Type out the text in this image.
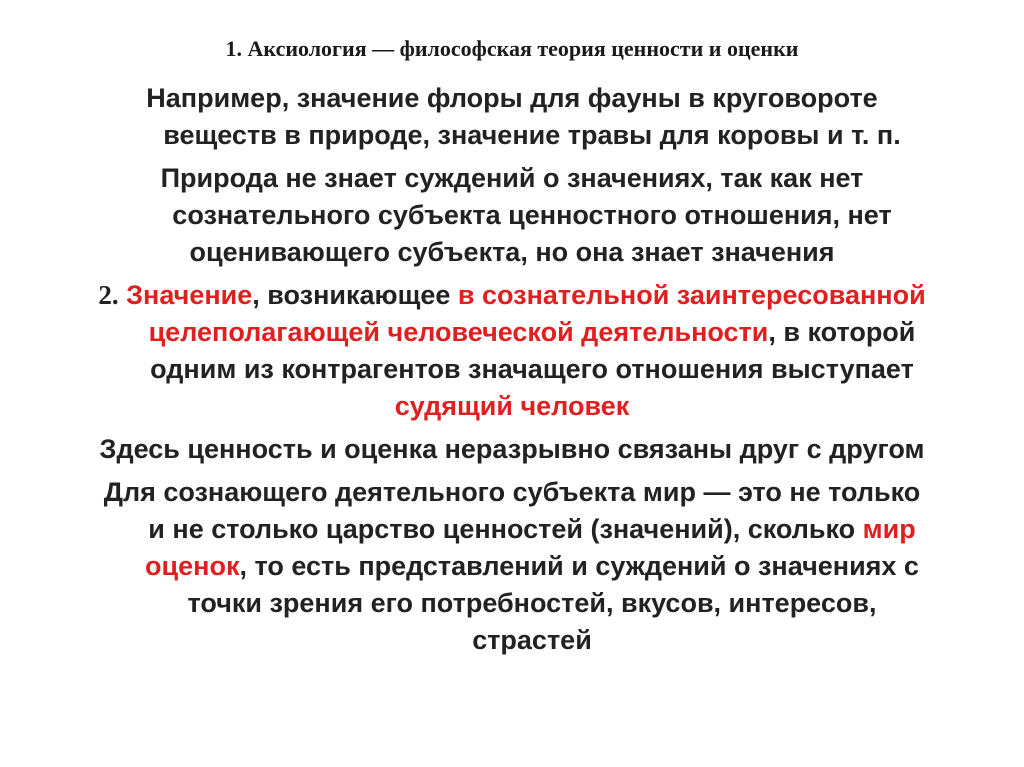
1. Аксиология — философская теория ценности и оценки
Например, значение флоры для фауны в круговороте
веществ в природе, значение травы для коровы и т. п.
Природа не знает суждений о значениях, так как нет
сознательного субъекта ценностного отношения, нет
оценивающего субъекта, но она знает значения
2. Значение, возникающее в сознательной заинтересованной
целеполагающей человеческой деятельности, в которой
одним из контрагентов значащего отношения выступает
судящий человек
Здесь ценность и оценка неразрывно связаны друг с другом
Для сознающего деятельного субъекта мир — это не только
и не столько царство ценностей (значений), сколько мир
оценок, то есть представлений и суждений о значениях с
точки зрения его потребностей, вкусов, интересов,
страстей
